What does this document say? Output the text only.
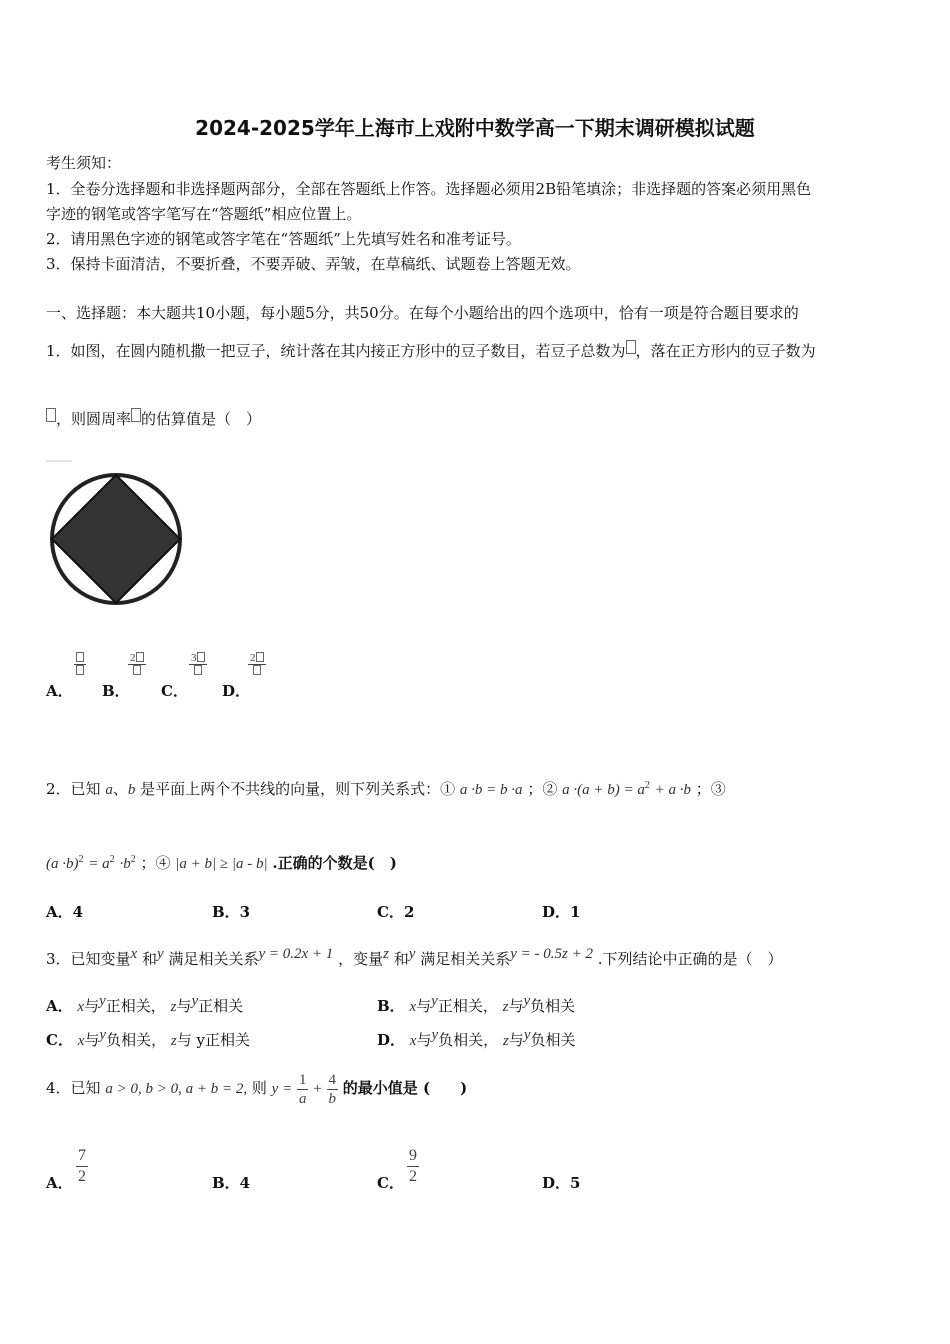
2024-2025学年上海市上戏附中数学高一下期末调研模拟试题
考生须知：
1．全卷分选择题和非选择题两部分，全部在答题纸上作答。选择题必须用2B铅笔填涂；非选择题的答案必须用黑色
字迹的钢笔或答字笔写在“答题纸”相应位置上。
2．请用黑色字迹的钢笔或答字笔在“答题纸”上先填写姓名和准考证号。
3．保持卡面清洁，不要折叠，不要弄破、弄皱，在草稿纸、试题卷上答题无效。
一、选择题：本大题共10小题，每小题5分，共50分。在每个小题给出的四个选项中，恰有一项是符合题目要求的
1．如图，在圆内随机撒一把豆子，统计落在其内接正方形中的豆子数目，若豆子总数为 ，落在正方形内的豆子数为
，则圆周率 的估算值是（　）
A． B．
2
C．
3
D．
2
2．已知 a、b 是平面上两个不共线的向量，则下列关系式：① a ·b = b ·a ；② $a \cdot(a + b) = a^2 + a \cdot b$ ；③
$(a \cdot b)^2 = a^2 \cdot b^2$ ；④ |a + b| ≥ |a - b| .正确的个数是(　)
A．4	B．3	C．2	D．1
3．已知变量$^x$ 和$^y$ 满足相关关系$^{y = 0.2x + 1}$ ，变量$^z$ 和$^y$ 满足相关关系$^{y = - 0.5z + 2}$ .下列结论中正确的是（　）
A． x与$^y$正相关， z与$^y$正相关	B． x与$^y$正相关， z与$^y$负相关
C． x与$^y$负相关， z与 y正相关	D． x与$^y$负相关， z与$^y$负相关
4．已知 a > 0, b > 0, a + b = 2, 则 $y = \frac{1}{a} + \frac{4}{b}$ 的最小值是 (　　)
A． $\frac{7}{2}$	B．4	C． $\frac{9}{2}$	D．5
